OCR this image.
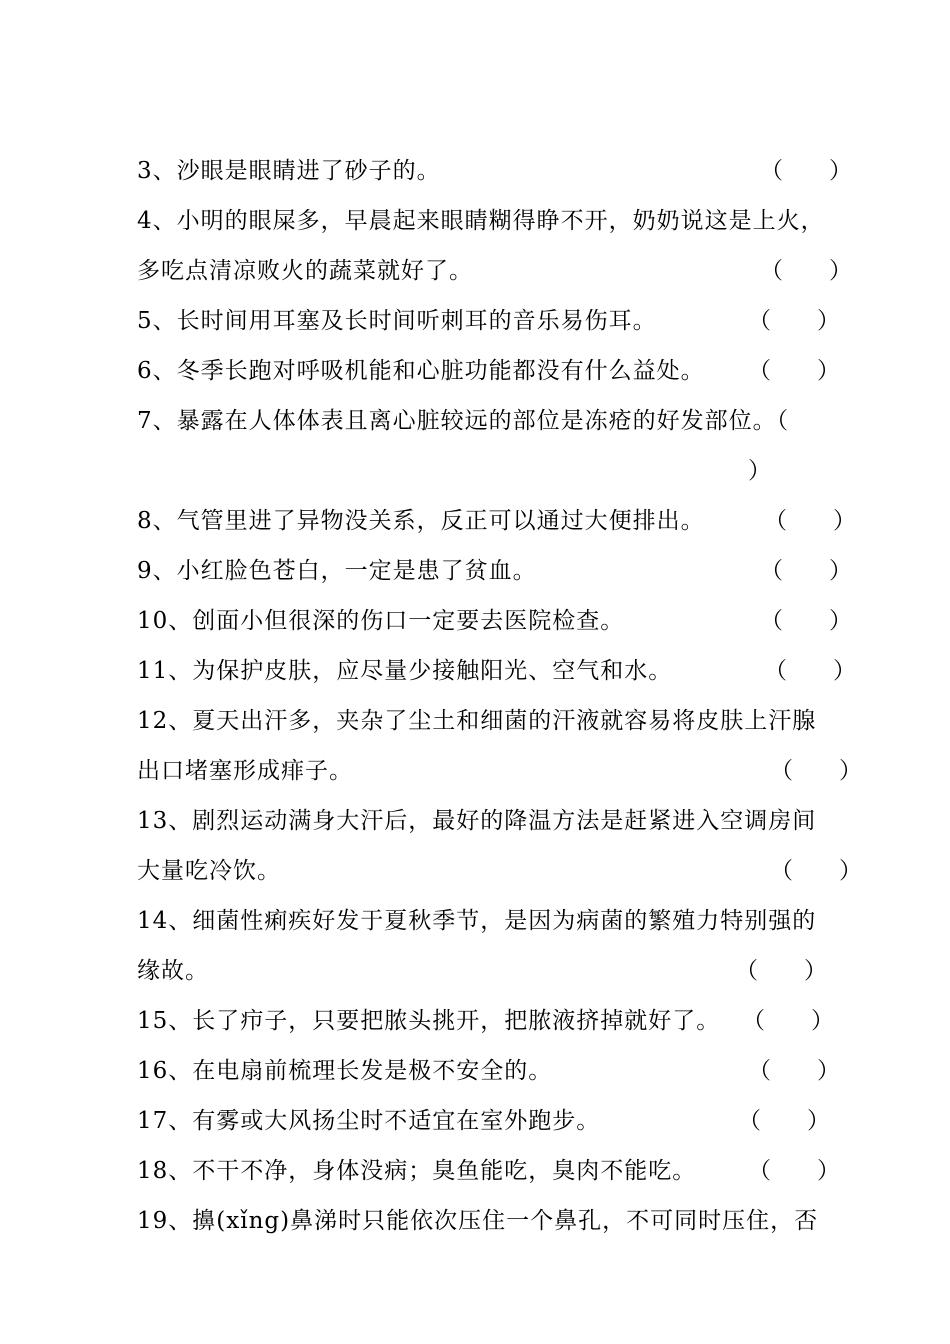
3、沙眼是眼睛进了砂子的。	（　　）
4、小明的眼屎多，早晨起来眼睛糊得睁不开，奶奶说这是上火，
多吃点清凉败火的蔬菜就好了。	（　　）
5、长时间用耳塞及长时间听刺耳的音乐易伤耳。	（　　）
6、冬季长跑对呼吸机能和心脏功能都没有什么益处。 （　　）
7、暴露在人体体表且离心脏较远的部位是冻疮的好发部位。（
）
8、气管里进了异物没关系，反正可以通过大便排出。	（　　）
9、小红脸色苍白，一定是患了贫血。	（　　）
10、创面小但很深的伤口一定要去医院检查。	（　　）
11、为保护皮肤，应尽量少接触阳光、空气和水。	（　　）
12、夏天出汗多，夹杂了尘土和细菌的汗液就容易将皮肤上汗腺
出口堵塞形成痱子。	（　　）
13、剧烈运动满身大汗后，最好的降温方法是赶紧进入空调房间
大量吃冷饮。	（　　）
14、细菌性痢疾好发于夏秋季节，是因为病菌的繁殖力特别强的
缘故。	（　　）
15、长了疖子，只要把脓头挑开，把脓液挤掉就好了。 （　　）
16、在电扇前梳理长发是极不安全的。	（　　）
17、有雾或大风扬尘时不适宜在室外跑步。	（　　）
18、不干不净，身体没病；臭鱼能吃，臭肉不能吃。 （　　）
19、擤(xǐng)鼻涕时只能依次压住一个鼻孔，不可同时压住，否
